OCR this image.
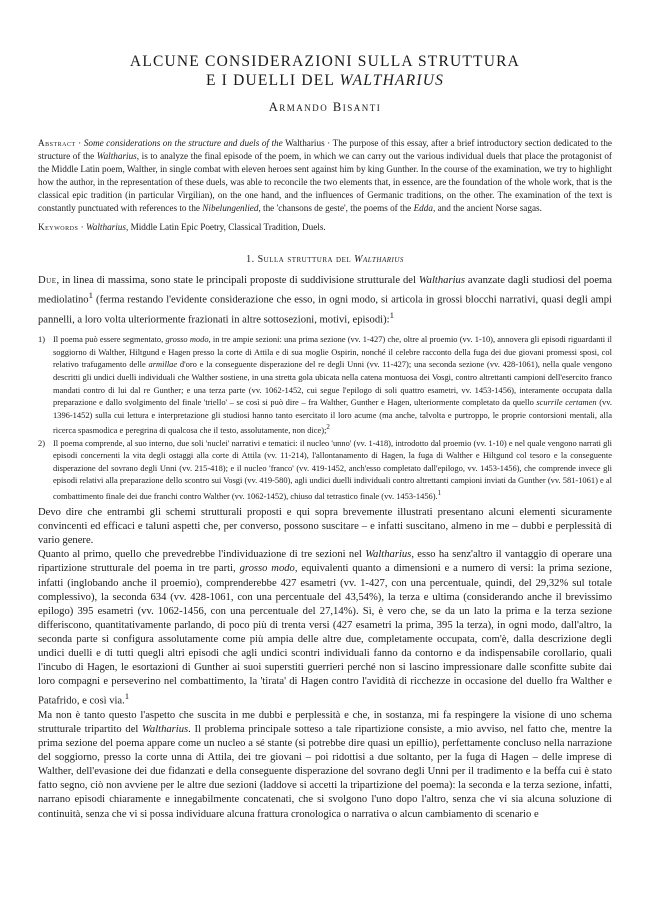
ALCUNE CONSIDERAZIONI SULLA STRUTTURA
E I DUELLI DEL WALTHARIUS
Armando Bisanti

Abstract · Some considerations on the structure and duels of the Waltharius · The purpose of this essay, after a brief introductory section dedicated to the structure of the Waltharius, is to analyze the final episode of the poem, in which we can carry out the various individual duels that place the protagonist of the Middle Latin poem, Walther, in single combat with eleven heroes sent against him by king Gunther. In the course of the examination, we try to highlight how the author, in the representation of these duels, was able to reconcile the two elements that, in essence, are the foundation of the whole work, that is the classical epic tradition (in particular Virgilian), on the one hand, and the influences of Germanic traditions, on the other. The examination of the text is constantly punctuated with references to the Nibelungenlied, the 'chansons de geste', the poems of the Edda, and the ancient Norse sagas.

Keywords · Waltharius, Middle Latin Epic Poetry, Classical Tradition, Duels.

1. Sulla struttura del Waltharius

Due, in linea di massima, sono state le principali proposte di suddivisione strutturale del Waltharius avanzate dagli studiosi del poema mediolatino$^1$ (ferma restando l'evidente considerazione che esso, in ogni modo, si articola in grossi blocchi narrativi, quasi degli ampi pannelli, a loro volta ulteriormente frazionati in altre sottosezioni, motivi, episodi):$^1$

1) Il poema può essere segmentato, grosso modo, in tre ampie sezioni: una prima sezione (vv. 1-427) che, oltre al proemio (vv. 1-10), annovera gli episodi riguardanti il soggiorno di Walther, Hiltgund e Hagen presso la corte di Attila e di sua moglie Ospirin, nonché il celebre racconto della fuga dei due giovani promessi sposi, col relativo trafugamento delle armillae d'oro e la conseguente disperazione del re degli Unni (vv. 11-427); una seconda sezione (vv. 428-1061), nella quale vengono descritti gli undici duelli individuali che Walther sostiene, in una stretta gola ubicata nella catena montuosa dei Vosgi, contro altrettanti campioni dell'esercito franco mandati contro di lui dal re Gunther; e una terza parte (vv. 1062-1452, cui segue l'epilogo di soli quattro esametri, vv. 1453-1456), interamente occupata dalla preparazione e dallo svolgimento del finale 'triello' – se così si può dire – fra Walther, Gunther e Hagen, ulteriormente completato da quello scurrile certamen (vv. 1396-1452) sulla cui lettura e interpretazione gli studiosi hanno tanto esercitato il loro acume (ma anche, talvolta e purtroppo, le proprie contorsioni mentali, alla ricerca spasmodica e peregrina di qualcosa che il testo, assolutamente, non dice);$^2$
2) Il poema comprende, al suo interno, due soli 'nuclei' narrativi e tematici: il nucleo 'unno' (vv. 1-418), introdotto dal proemio (vv. 1-10) e nel quale vengono narrati gli episodi concernenti la vita degli ostaggi alla corte di Attila (vv. 11-214), l'allontanamento di Hagen, la fuga di Walther e Hiltgund col tesoro e la conseguente disperazione del sovrano degli Unni (vv. 215-418); e il nucleo 'franco' (vv. 419-1452, anch'esso completato dall'epilogo, vv. 1453-1456), che comprende invece gli episodi relativi alla preparazione dello scontro sui Vosgi (vv. 419-580), agli undici duelli individuali contro altrettanti campioni inviati da Gunther (vv. 581-1061) e al combattimento finale dei due franchi contro Walther (vv. 1062-1452), chiuso dal tetrastico finale (vv. 1453-1456).$^1$

Devo dire che entrambi gli schemi strutturali proposti e qui sopra brevemente illustrati presentano alcuni elementi sicuramente convincenti ed efficaci e taluni aspetti che, per converso, possono suscitare – e infatti suscitano, almeno in me – dubbi e perplessità di vario genere.

Quanto al primo, quello che prevedrebbe l'individuazione di tre sezioni nel Waltharius, esso ha senz'altro il vantaggio di operare una ripartizione strutturale del poema in tre parti, grosso modo, equivalenti quanto a dimensioni e a numero di versi: la prima sezione, infatti (inglobando anche il proemio), comprenderebbe 427 esametri (vv. 1-427, con una percentuale, quindi, del 29,32% sul totale complessivo), la seconda 634 (vv. 428-1061, con una percentuale del 43,54%), la terza e ultima (considerando anche il brevissimo epilogo) 395 esametri (vv. 1062-1456, con una percentuale del 27,14%). Sì, è vero che, se da un lato la prima e la terza sezione differiscono, quantitativamente parlando, di poco più di trenta versi (427 esametri la prima, 395 la terza), in ogni modo, dall'altro, la seconda parte si configura assolutamente come più ampia delle altre due, completamente occupata, com'è, dalla descrizione degli undici duelli e di tutti quegli altri episodi che agli undici scontri individuali fanno da contorno e da indispensabile corollario, quali l'incubo di Hagen, le esortazioni di Gunther ai suoi superstiti guerrieri perché non si lascino impressionare dalle sconfitte subite dai loro compagni e perseverino nel combattimento, la 'tirata' di Hagen contro l'avidità di ricchezze in occasione del duello fra Walther e Patafrido, e così via.$^1$

Ma non è tanto questo l'aspetto che suscita in me dubbi e perplessità e che, in sostanza, mi fa respingere la visione di uno schema strutturale tripartito del Waltharius. Il problema principale sotteso a tale ripartizione consiste, a mio avviso, nel fatto che, mentre la prima sezione del poema appare come un nucleo a sé stante (si potrebbe dire quasi un epillio), perfettamente concluso nella narrazione del soggiorno, presso la corte unna di Attila, dei tre giovani – poi ridottisi a due soltanto, per la fuga di Hagen – delle imprese di Walther, dell'evasione dei due fidanzati e della conseguente disperazione del sovrano degli Unni per il tradimento e la beffa cui è stato fatto segno, ciò non avviene per le altre due sezioni (laddove si accetti la tripartizione del poema): la seconda e la terza sezione, infatti, narrano episodi chiaramente e innegabilmente concatenati, che si svolgono l'uno dopo l'altro, senza che vi sia alcuna soluzione di continuità, senza che vi si possa individuare alcuna frattura cronologica o narrativa o alcun cambiamento di scenario e
